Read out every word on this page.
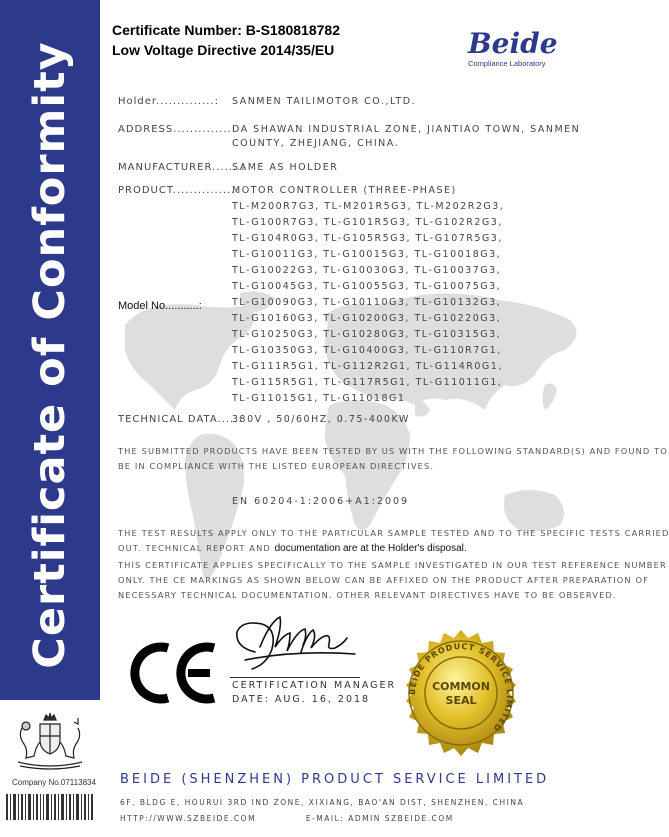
Certificate of Conformity
Company No.07113834
Certificate Number: B-S180818782
Low Voltage Directive 2014/35/EU	Beide
Compliance Laboratory
Holder..............: SANMEN TAILIMOTOR CO.,LTD.
ADDRESS..............:
DA SHAWAN INDUSTRIAL ZONE, JIANTIAO TOWN, SANMEN
COUNTY, ZHEJIANG, CHINA.
MANUFACTURER.......:
SAME AS HOLDER
PRODUCT...............:
MOTOR CONTROLLER (THREE-PHASE)
TL-M200R7G3, TL-M201R5G3, TL-M202R2G3,
TL-G100R7G3, TL-G101R5G3, TL-G102R2G3,
TL-G104R0G3, TL-G105R5G3, TL-G107R5G3,
TL-G10011G3, TL-G10015G3, TL-G10018G3,
TL-G10022G3, TL-G10030G3, TL-G10037G3,
TL-G10045G3, TL-G10055G3, TL-G10075G3,
Model No...........:	TL-G10090G3, TL-G10110G3, TL-G10132G3,
TL-G10160G3, TL-G10200G3, TL-G10220G3,
TL-G10250G3, TL-G10280G3, TL-G10315G3,
TL-G10350G3, TL-G10400G3, TL-G110R7G1,
TL-G111R5G1, TL-G112R2G1, TL-G114R0G1,
TL-G115R5G1, TL-G117R5G1, TL-G11011G1,
TL-G11015G1, TL-G11018G1
TECHNICAL DATA.....:
380V , 50/60HZ, 0.75-400KW
THE SUBMITTED PRODUCTS HAVE BEEN TESTED BY US WITH THE FOLLOWING STANDARD(S) AND FOUND TO
BE IN COMPLIANCE WITH THE LISTED EUROPEAN DIRECTIVES.
EN 60204-1:2006+A1:2009
THE TEST RESULTS APPLY ONLY TO THE PARTICULAR SAMPLE TESTED AND TO THE SPECIFIC TESTS CARRIED
OUT. TECHNICAL REPORT AND documentation are at the Holder's disposal.
THIS CERTIFICATE APPLIES SPECIFICALLY TO THE SAMPLE INVESTIGATED IN OUR TEST REFERENCE NUMBER
ONLY. THE CE MARKINGS AS SHOWN BELOW CAN BE AFFIXED ON THE PRODUCT AFTER PREPARATION OF
NECESSARY TECHNICAL DOCUMENTATION. OTHER RELEVANT DIRECTIVES HAVE TO BE OBSERVED.
CERTIFICATION MANAGER
DATE: AUG. 16, 2018
BEIDE PRODUCT SERVICE LIMITED
COMMON
SEAL
BEIDE (SHENZHEN) PRODUCT SERVICE LIMITED
6F, BLDG E, HOURUI 3RD IND ZONE, XIXIANG, BAO'AN DIST, SHENZHEN, CHINA
HTTP://WWW.SZBEIDE.COM	E-MAIL: ADMIN SZBEIDE.COM
